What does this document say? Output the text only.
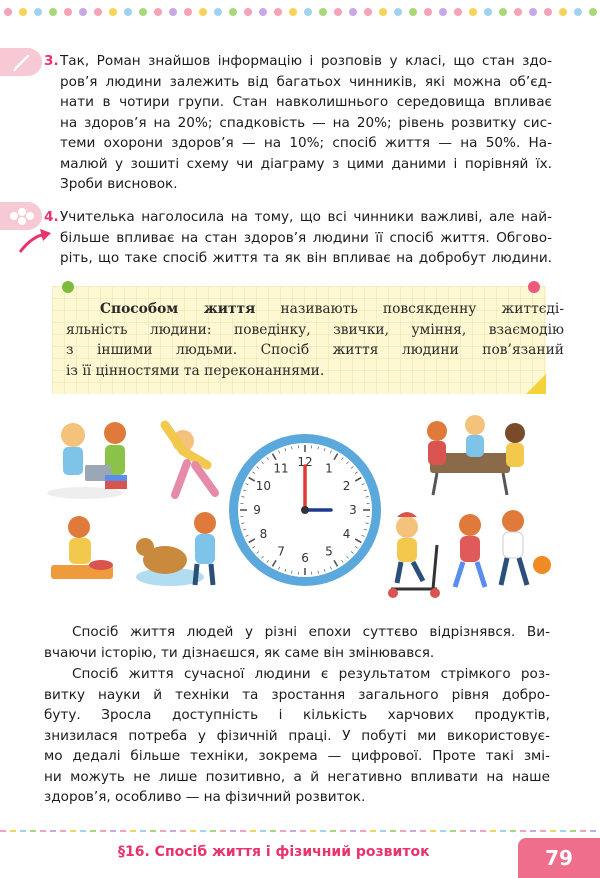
3. Так, Роман знайшов інформацію і розповів у класі, що стан здо-
ров’я людини залежить від багатьох чинників, які можна об’єд-
нати в чотири групи. Стан навколишнього середовища впливає
на здоров’я на 20%; спадковість — на 20%; рівень розвитку сис-
теми охорони здоров’я — на 10%; спосіб життя — на 50%. На-
малюй у зошиті схему чи діаграму з цими даними і порівняй їх.
Зроби висновок.
4. Учителька наголосила на тому, що всі чинники важливі, але най-
більше впливає на стан здоров’я людини її спосіб життя. Обгово-
ріть, що таке спосіб життя та як він впливає на добробут людини.
Способом життя називають повсякденну життєді-
яльність людини: поведінку, звички, уміння, взаємодію
з іншими людьми. Спосіб життя людини пов’язаний
із її цінностями та переконаннями.
12 1
2
3
4
5
6
7
8
9
10
11
Спосіб життя людей у різні епохи суттєво відрізнявся. Ви-
вчаючи історію, ти дізнаєшся, як саме він змінювався.
Спосіб життя сучасної людини є результатом стрімкого роз-
витку науки й техніки та зростання загального рівня добро-
буту. Зросла доступність і кількість харчових продуктів,
знизилася потреба у фізичній праці. У побуті ми використовує-
мо дедалі більше техніки, зокрема — цифрової. Проте такі змі-
ни можуть не лише позитивно, а й негативно впливати на наше
здоров’я, особливо — на фізичний розвиток.
§16. Спосіб життя і фізичний розвиток	79
